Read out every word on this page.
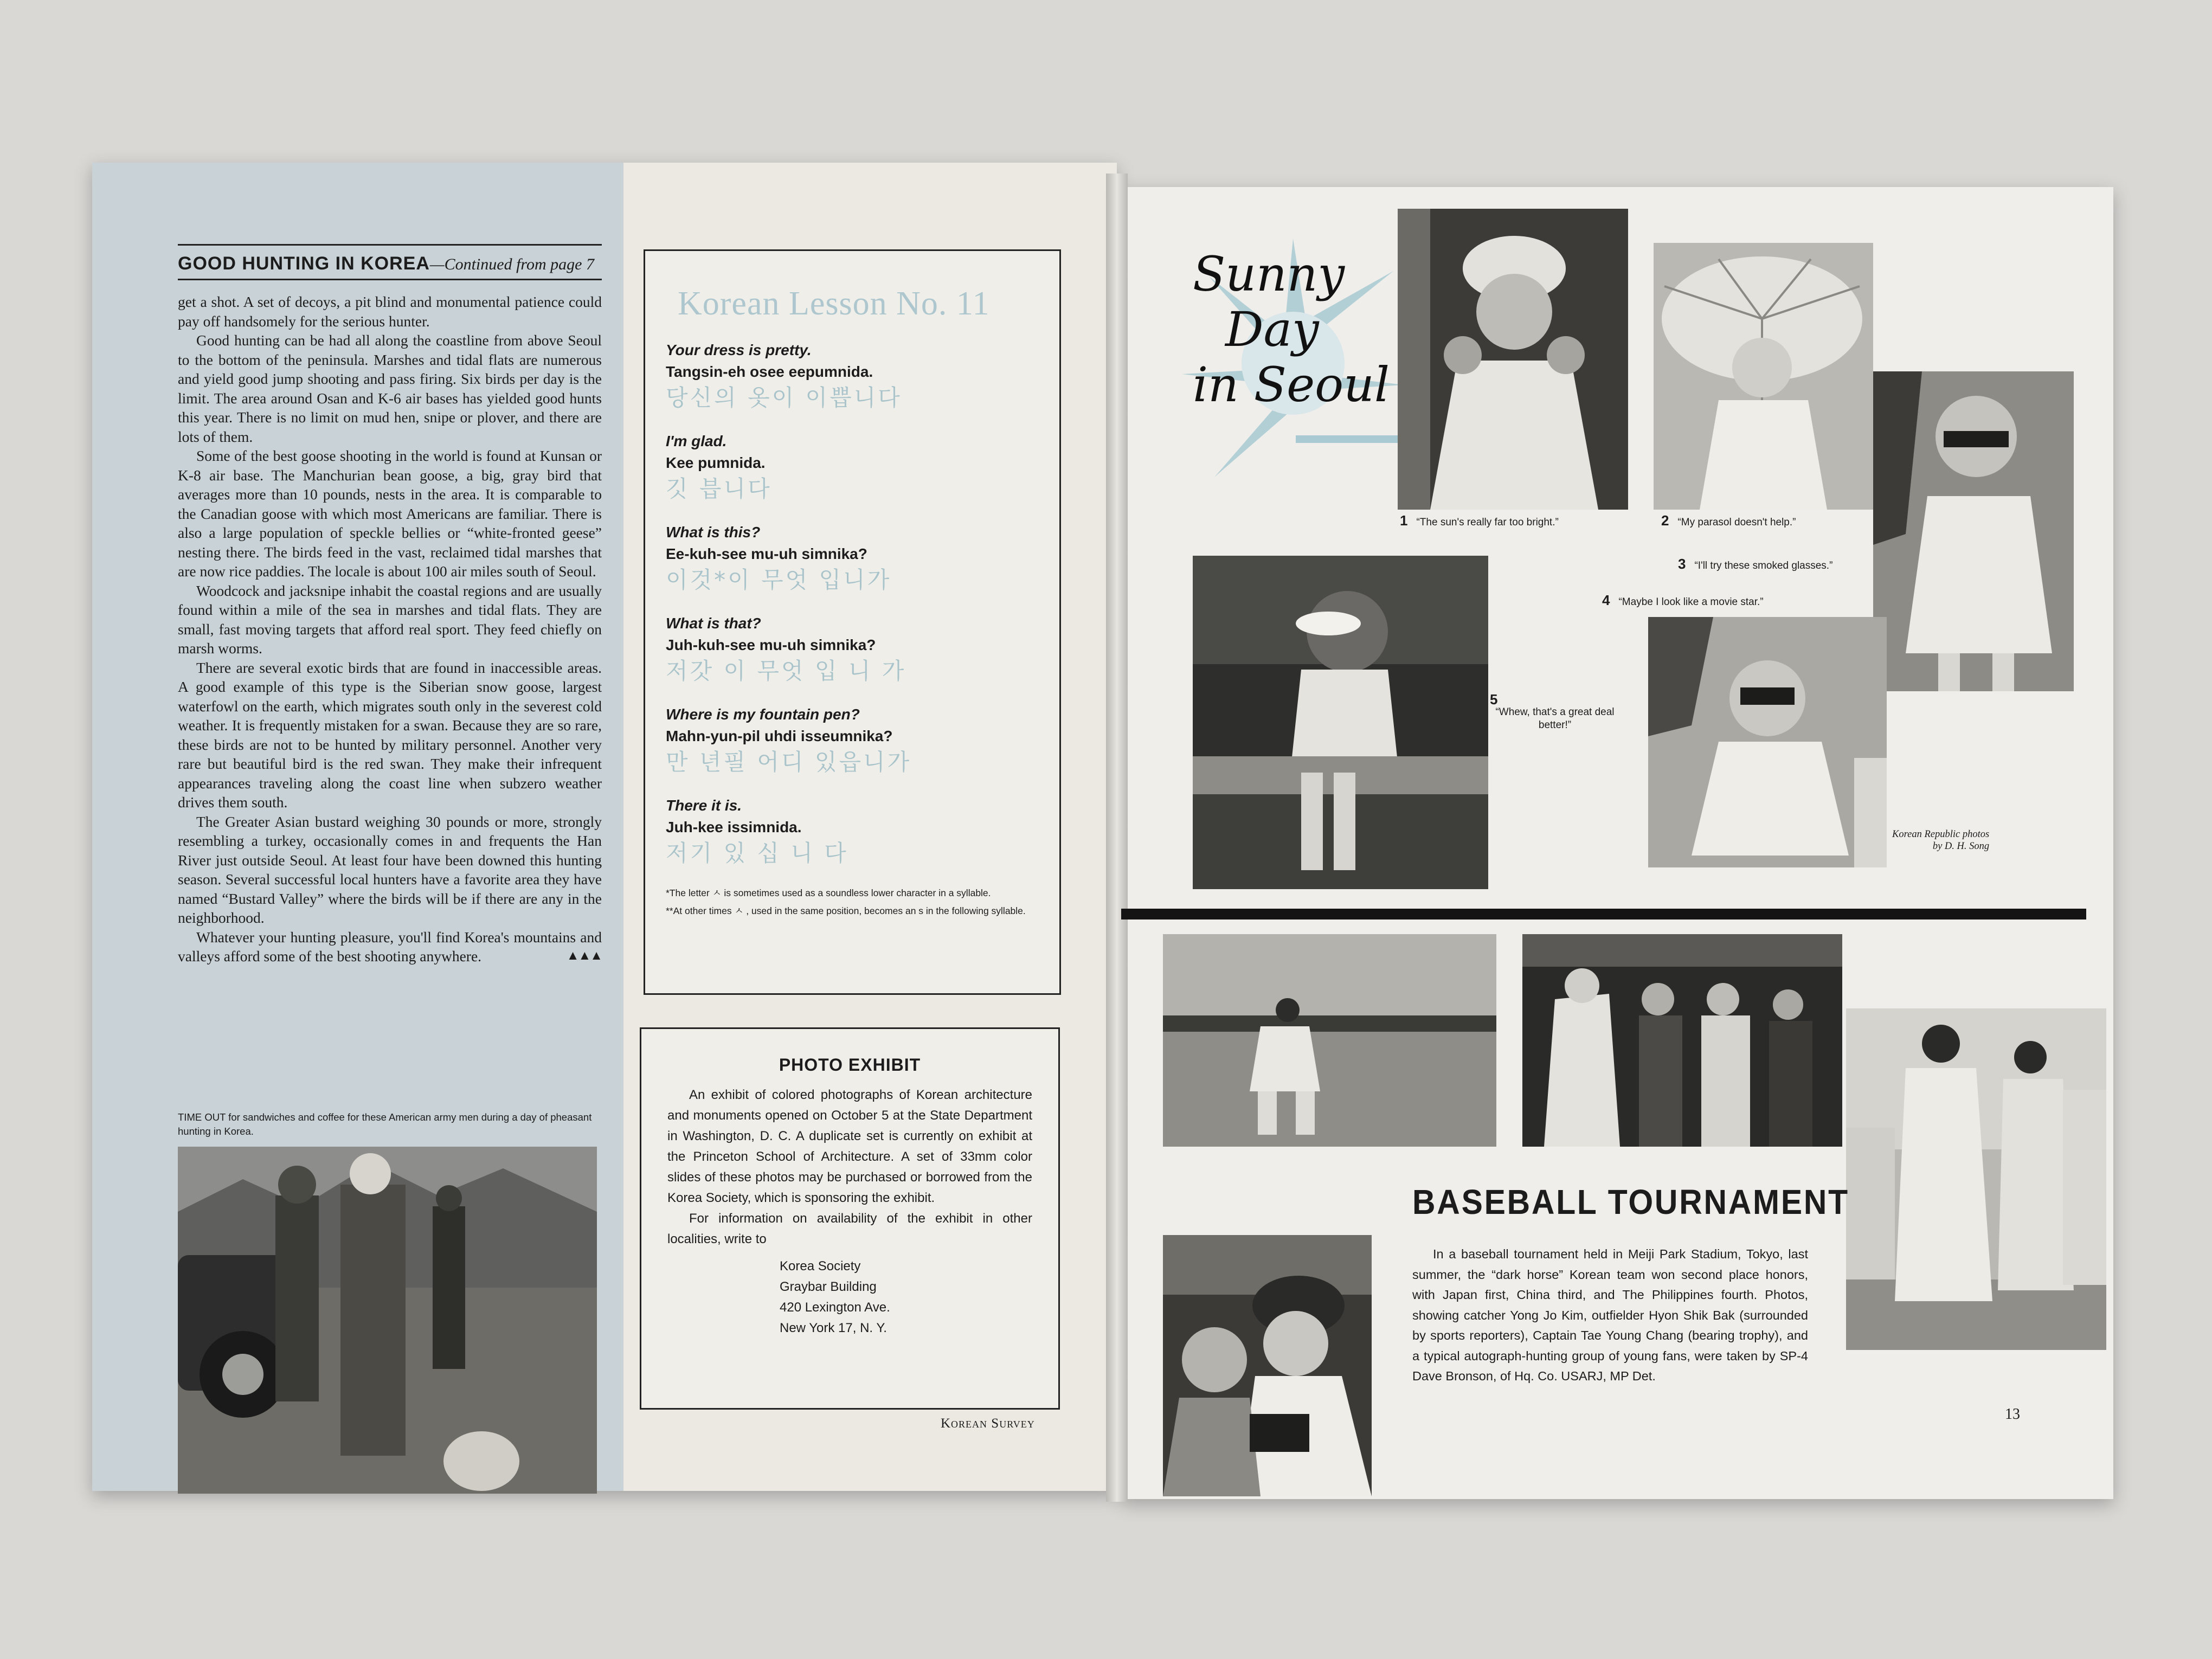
GOOD HUNTING IN KOREA—Continued from page 7

get a shot. A set of decoys, a pit blind and monumental patience could pay off handsomely for the serious hunter.

Good hunting can be had all along the coastline from above Seoul to the bottom of the peninsula. Marshes and tidal flats are numerous and yield good jump shooting and pass firing. Six birds per day is the limit. The area around Osan and K-6 air bases has yielded good hunts this year. There is no limit on mud hen, snipe or plover, and there are lots of them.

Some of the best goose shooting in the world is found at Kunsan or K-8 air base. The Manchurian bean goose, a big, gray bird that averages more than 10 pounds, nests in the area. It is comparable to the Canadian goose with which most Americans are familiar. There is also a large population of speckle bellies or “white-fronted geese” nesting there. The birds feed in the vast, reclaimed tidal marshes that are now rice paddies. The locale is about 100 air miles south of Seoul.

Woodcock and jacksnipe inhabit the coastal regions and are usually found within a mile of the sea in marshes and tidal flats. They are small, fast moving targets that afford real sport. They feed chiefly on marsh worms.

There are several exotic birds that are found in inaccessible areas. A good example of this type is the Siberian snow goose, largest waterfowl on the earth, which migrates south only in the severest cold weather. It is frequently mistaken for a swan. Because they are so rare, these birds are not to be hunted by military personnel. Another very rare but beautiful bird is the red swan. They make their infrequent appearances traveling along the coast line when subzero weather drives them south.

The Greater Asian bustard weighing 30 pounds or more, strongly resembling a turkey, occasionally comes in and frequents the Han River just outside Seoul. At least four have been downed this hunting season. Several successful local hunters have a favorite area they have named “Bustard Valley” where the birds will be if there are any in the neighborhood.

Whatever your hunting pleasure, you'll find Korea's mountains and valleys afford some of the best shooting anywhere.	▲▲▲

TIME OUT for sandwiches and coffee for these American army men during a day of pheasant hunting in Korea.
Korean Lesson No. 11
Your dress is pretty.
Tangsin-eh osee eepumnida.
당신의 옷이 이쁩니다
I'm glad.
Kee pumnida.
깃 븝니다
What is this?
Ee-kuh-see mu-uh simnika?
이것*이 무엇 입니가
What is that?
Juh-kuh-see mu-uh simnika?
저갓 이 무엇 입 니 가
Where is my fountain pen?
Mahn-yun-pil uhdi isseumnika?
만 년필 어디 있읍니가
There it is.
Juh-kee issimnida.
저기 있 십 니 다
*The letter ㅅ is sometimes used as a soundless lower character in a syllable.
**At other times ㅅ , used in the same position, becomes an s in the following syllable.
PHOTO EXHIBIT

An exhibit of colored photographs of Korean architecture and monuments opened on October 5 at the State Department in Washington, D. C. A duplicate set is currently on exhibit at the Princeton School of Architecture. A set of 33mm color slides of these photos may be purchased or borrowed from the Korea Society, which is sponsoring the exhibit.

For information on availability of the exhibit in other localities, write to

Korea Society
Graybar Building
420 Lexington Ave.
New York 17, N. Y.
Korean Survey
Sunny
Day
in Seoul
1 “The sun's really far too bright.”	2 “My parasol doesn't help.”
3 “I'll try these smoked glasses.”
4 “Maybe I look like a movie star.”
5
“Whew, that's a great deal better!”
Korean Republic photos
by D. H. Song
BASEBALL TOURNAMENT
In a baseball tournament held in Meiji Park Stadium, Tokyo, last summer, the “dark horse” Korean team won second place honors, with Japan first, China third, and The Philippines fourth. Photos, showing catcher Yong Jo Kim, outfielder Hyon Shik Bak (surrounded by sports reporters), Captain Tae Young Chang (bearing trophy), and a typical autograph-hunting group of young fans, were taken by SP-4 Dave Bronson, of Hq. Co. USARJ, MP Det.
13
